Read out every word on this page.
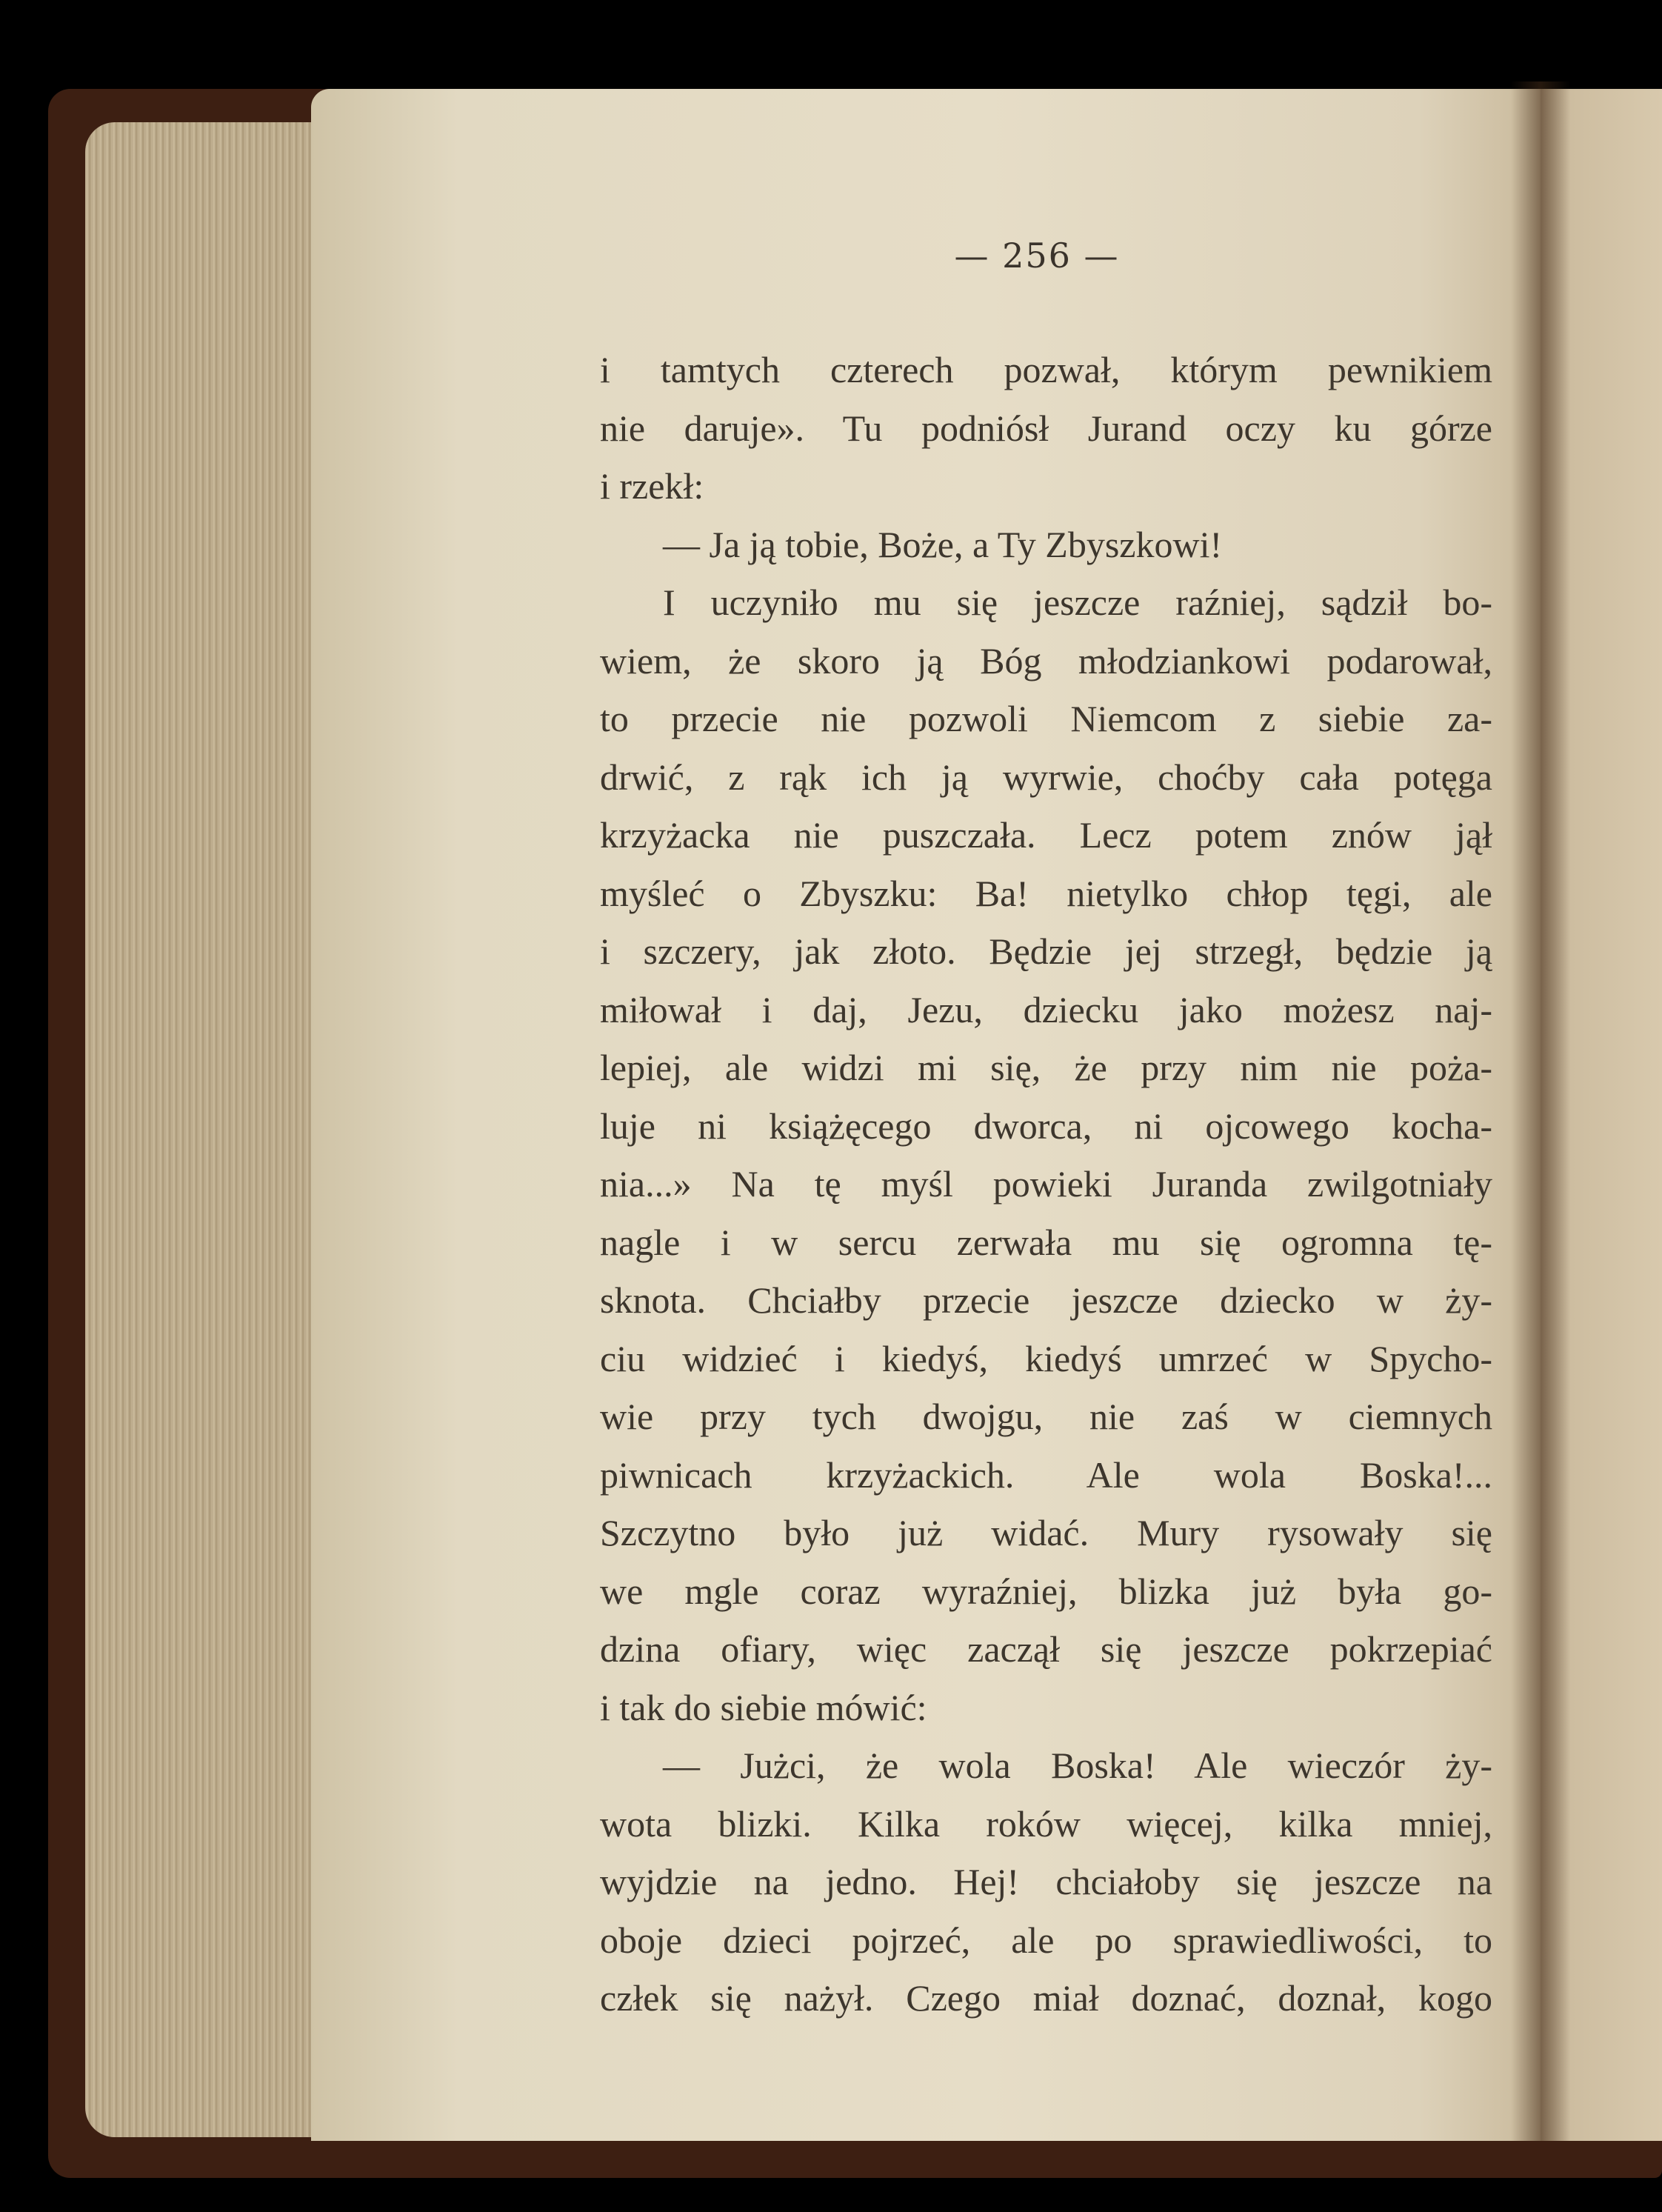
— 256 —
i tamtych czterech pozwał, którym pewnikiem
nie daruje». Tu podniósł Jurand oczy ku górze
i rzekł:
— Ja ją tobie, Boże, a Ty Zbyszkowi!
I uczyniło mu się jeszcze raźniej, sądził bo-
wiem, że skoro ją Bóg młodziankowi podarował,
to przecie nie pozwoli Niemcom z siebie za-
drwić, z rąk ich ją wyrwie, choćby cała potęga
krzyżacka nie puszczała. Lecz potem znów jął
myśleć o Zbyszku: Ba! nietylko chłop tęgi, ale
i szczery, jak złoto. Będzie jej strzegł, będzie ją
miłował i daj, Jezu, dziecku jako możesz naj-
lepiej, ale widzi mi się, że przy nim nie poża-
luje ni książęcego dworca, ni ojcowego kocha-
nia...» Na tę myśl powieki Juranda zwilgotniały
nagle i w sercu zerwała mu się ogromna tę-
sknota. Chciałby przecie jeszcze dziecko w ży-
ciu widzieć i kiedyś, kiedyś umrzeć w Spycho-
wie przy tych dwojgu, nie zaś w ciemnych
piwnicach krzyżackich. Ale wola Boska!...
Szczytno było już widać. Mury rysowały się
we mgle coraz wyraźniej, blizka już była go-
dzina ofiary, więc zaczął się jeszcze pokrzepiać
i tak do siebie mówić:
— Jużci, że wola Boska! Ale wieczór ży-
wota blizki. Kilka roków więcej, kilka mniej,
wyjdzie na jedno. Hej! chciałoby się jeszcze na
oboje dzieci pojrzeć, ale po sprawiedliwości, to
człek się nażył. Czego miał doznać, doznał, kogo
